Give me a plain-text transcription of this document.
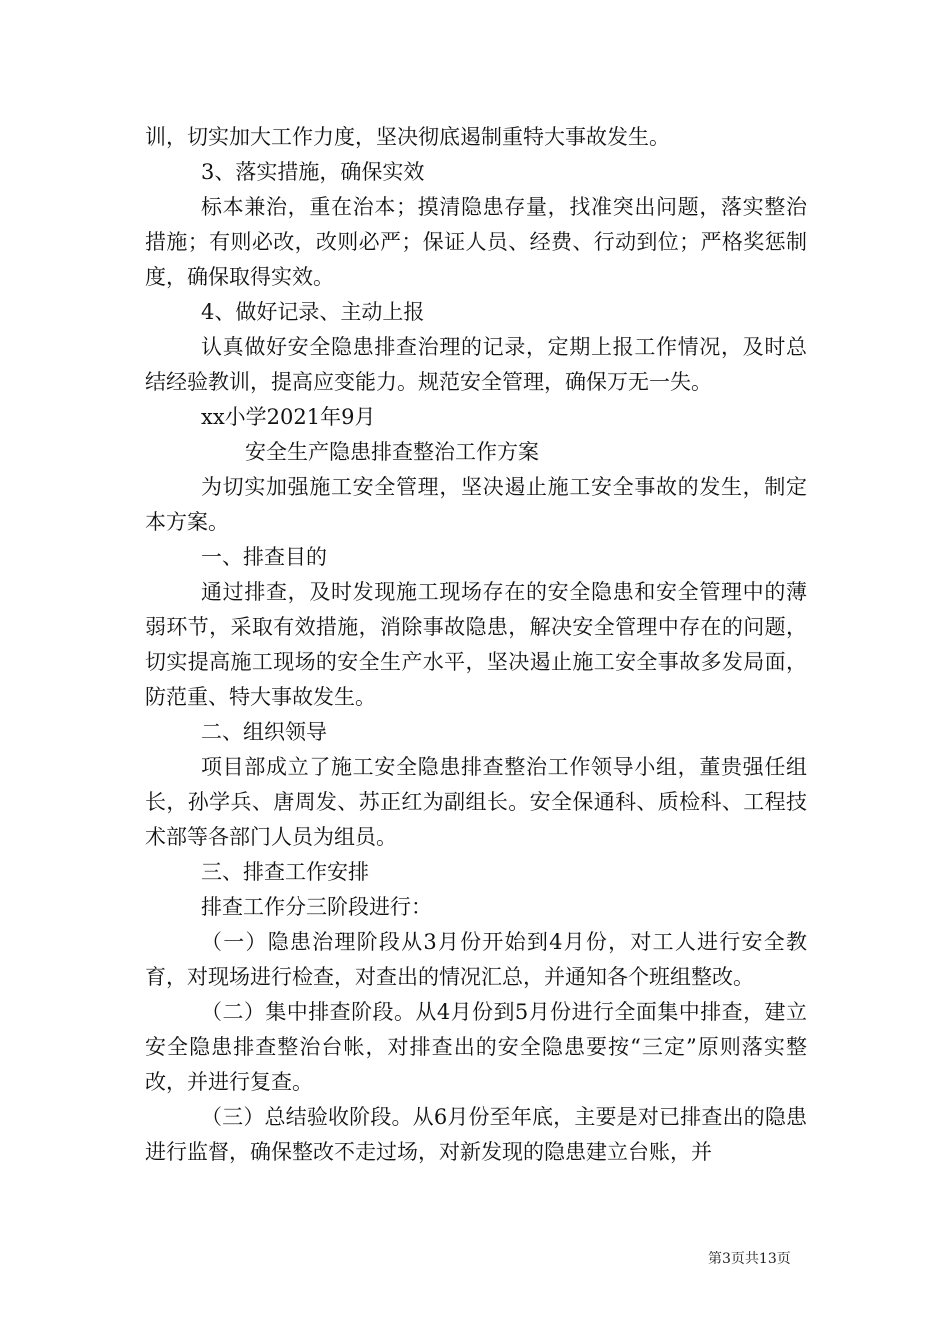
训，切实加大工作力度，坚决彻底遏制重特大事故发生。

3、落实措施，确保实效

标本兼治，重在治本；摸清隐患存量，找准突出问题，落实整治措施；有则必改，改则必严；保证人员、经费、行动到位；严格奖惩制度，确保取得实效。

4、做好记录、主动上报

认真做好安全隐患排查治理的记录，定期上报工作情况，及时总结经验教训，提高应变能力。规范安全管理，确保万无一失。

xx小学2021年9月

安全生产隐患排查整治工作方案

为切实加强施工安全管理，坚决遏止施工安全事故的发生，制定本方案。

一、排查目的

通过排查，及时发现施工现场存在的安全隐患和安全管理中的薄弱环节，采取有效措施，消除事故隐患，解决安全管理中存在的问题，切实提高施工现场的安全生产水平，坚决遏止施工安全事故多发局面，防范重、特大事故发生。

二、组织领导

项目部成立了施工安全隐患排查整治工作领导小组，董贵强任组长，孙学兵、唐周发、苏正红为副组长。安全保通科、质检科、工程技术部等各部门人员为组员。

三、排查工作安排

排查工作分三阶段进行：

（一）隐患治理阶段从3月份开始到4月份，对工人进行安全教育，对现场进行检查，对查出的情况汇总，并通知各个班组整改。

（二）集中排查阶段。从4月份到5月份进行全面集中排查，建立安全隐患排查整治台帐，对排查出的安全隐患要按“三定”原则落实整改，并进行复查。

（三）总结验收阶段。从6月份至年底，主要是对已排查出的隐患进行监督，确保整改不走过场，对新发现的隐患建立台账，并

第3页共13页
